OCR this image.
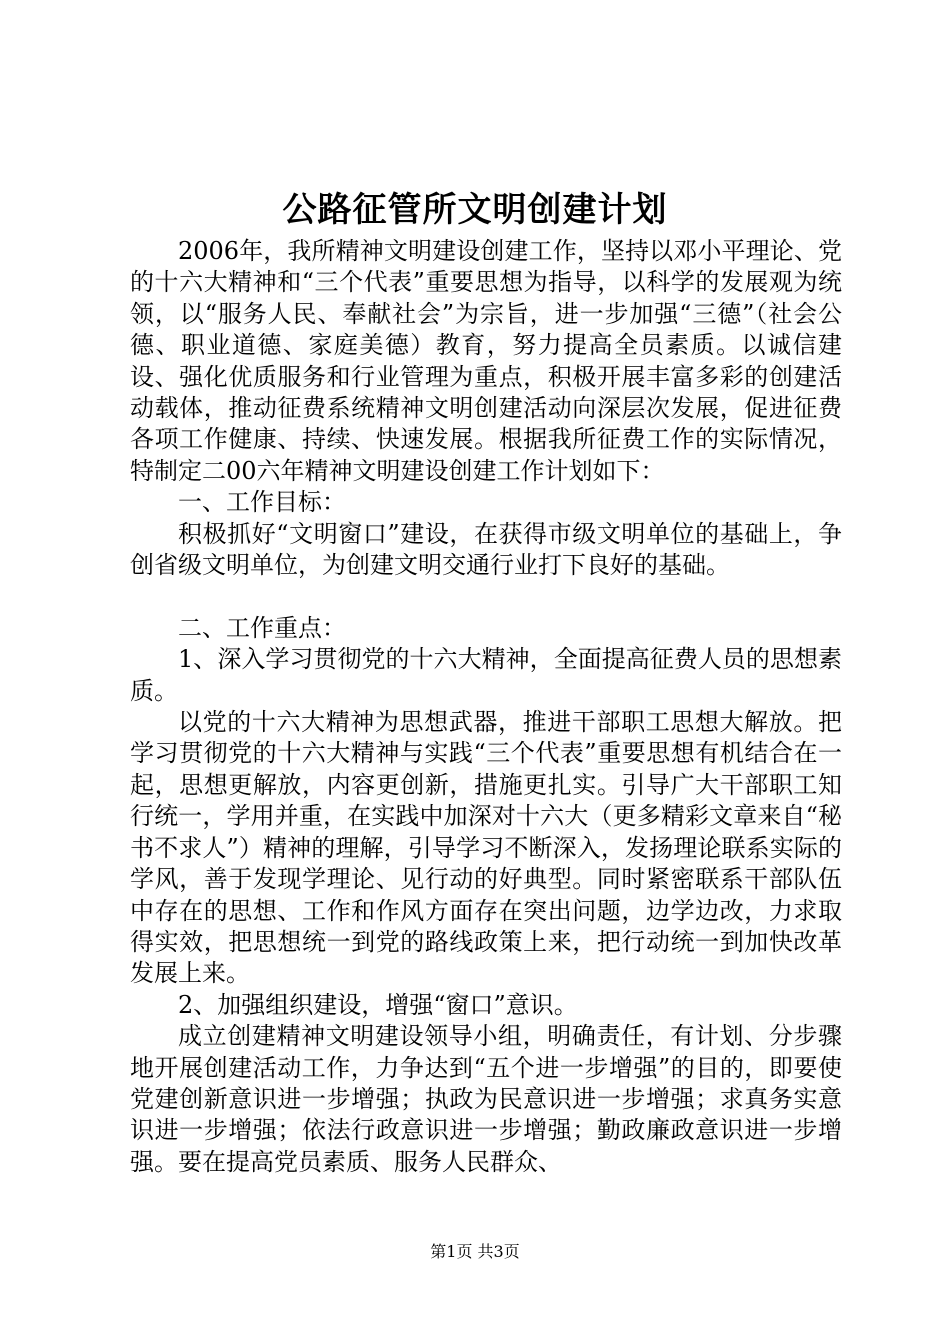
公路征管所文明创建计划

2006年，我所精神文明建设创建工作，坚持以邓小平理论、党的十六大精神和“三个代表”重要思想为指导，以科学的发展观为统领，以“服务人民、奉献社会”为宗旨，进一步加强“三德”（社会公德、职业道德、家庭美德）教育，努力提高全员素质。以诚信建设、强化优质服务和行业管理为重点，积极开展丰富多彩的创建活动载体，推动征费系统精神文明创建活动向深层次发展，促进征费各项工作健康、持续、快速发展。根据我所征费工作的实际情况，特制定二00六年精神文明建设创建工作计划如下：

一、工作目标：

积极抓好“文明窗口”建设，在获得市级文明单位的基础上，争创省级文明单位，为创建文明交通行业打下良好的基础。

二、工作重点：

1、深入学习贯彻党的十六大精神，全面提高征费人员的思想素质。

以党的十六大精神为思想武器，推进干部职工思想大解放。把学习贯彻党的十六大精神与实践“三个代表”重要思想有机结合在一起，思想更解放，内容更创新，措施更扎实。引导广大干部职工知行统一，学用并重，在实践中加深对十六大（更多精彩文章来自“秘书不求人”）精神的理解，引导学习不断深入，发扬理论联系实际的学风，善于发现学理论、见行动的好典型。同时紧密联系干部队伍中存在的思想、工作和作风方面存在突出问题，边学边改，力求取得实效，把思想统一到党的路线政策上来，把行动统一到加快改革发展上来。

2、加强组织建设，增强“窗口”意识。

成立创建精神文明建设领导小组，明确责任，有计划、分步骤地开展创建活动工作，力争达到“五个进一步增强”的目的，即要使党建创新意识进一步增强；执政为民意识进一步增强；求真务实意识进一步增强；依法行政意识进一步增强；勤政廉政意识进一步增强。要在提高党员素质、服务人民群众、

第1页 共3页
